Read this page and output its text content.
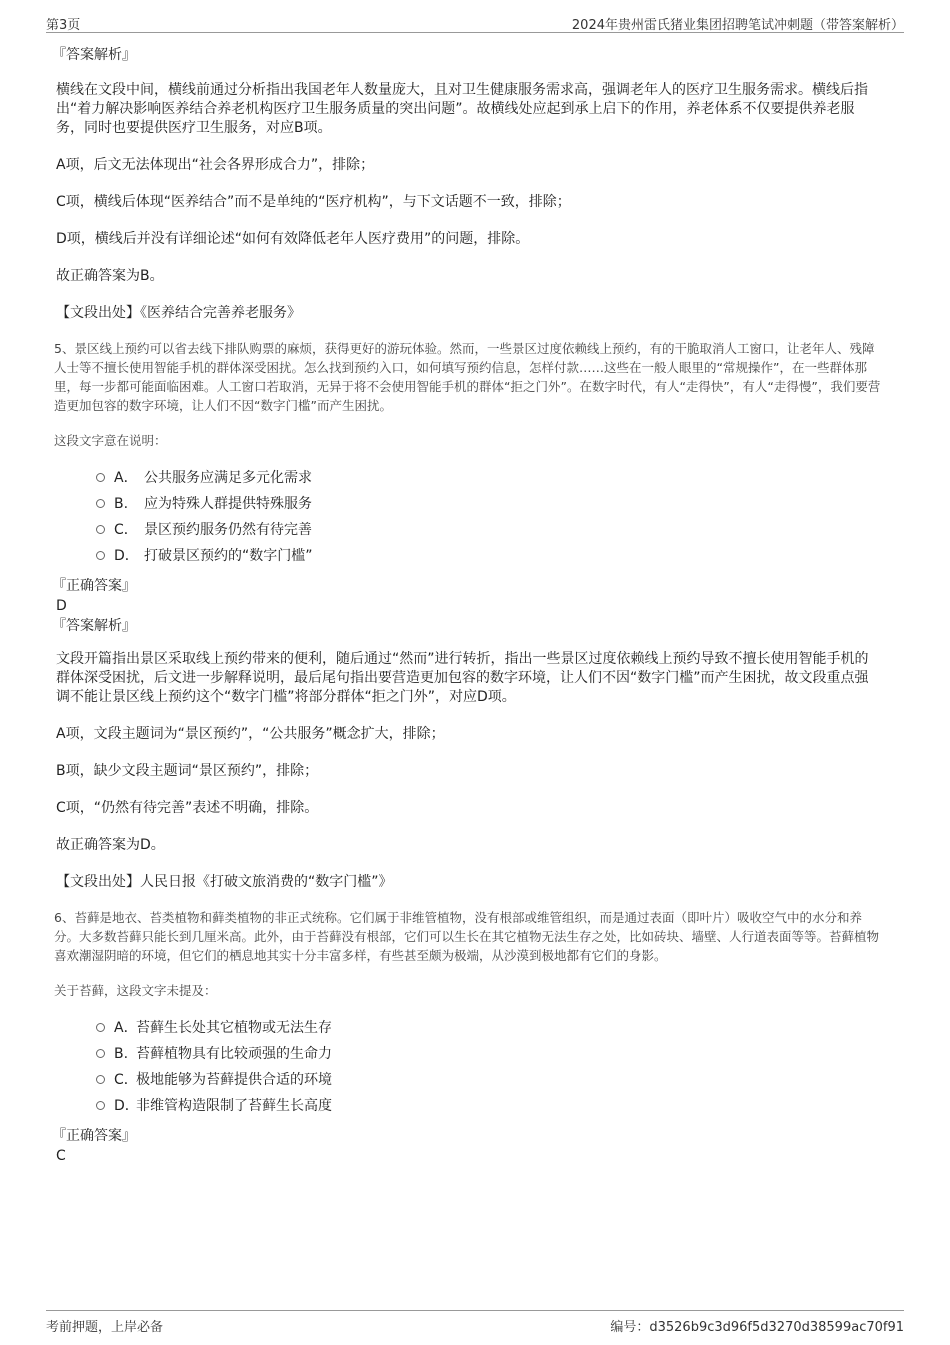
第3页	2024年贵州雷氏猪业集团招聘笔试冲刺题（带答案解析）

『答案解析』

横线在文段中间，横线前通过分析指出我国老年人数量庞大，且对卫生健康服务需求高，强调老年人的医疗卫生服务需求。横线后指出“着力解决影响医养结合养老机构医疗卫生服务质量的突出问题”。故横线处应起到承上启下的作用，养老体系不仅要提供养老服务，同时也要提供医疗卫生服务，对应B项。

A项，后文无法体现出“社会各界形成合力”，排除；

C项，横线后体现“医养结合”而不是单纯的“医疗机构”，与下文话题不一致，排除；

D项，横线后并没有详细论述“如何有效降低老年人医疗费用”的问题，排除。

故正确答案为B。

【文段出处】《医养结合完善养老服务》

5、景区线上预约可以省去线下排队购票的麻烦，获得更好的游玩体验。然而，一些景区过度依赖线上预约，有的干脆取消人工窗口，让老年人、残障人士等不擅长使用智能手机的群体深受困扰。怎么找到预约入口，如何填写预约信息，怎样付款……这些在一般人眼里的“常规操作”，在一些群体那里，每一步都可能面临困难。人工窗口若取消，无异于将不会使用智能手机的群体“拒之门外”。在数字时代，有人“走得快”，有人“走得慢”，我们要营造更加包容的数字环境，让人们不因“数字门槛”而产生困扰。

这段文字意在说明：

A． 公共服务应满足多元化需求
B. 应为特殊人群提供特殊服务
C． 景区预约服务仍然有待完善
D． 打破景区预约的“数字门槛”

『正确答案』

D

『答案解析』

文段开篇指出景区采取线上预约带来的便利，随后通过“然而”进行转折，指出一些景区过度依赖线上预约导致不擅长使用智能手机的群体深受困扰，后文进一步解释说明，最后尾句指出要营造更加包容的数字环境，让人们不因“数字门槛”而产生困扰，故文段重点强调不能让景区线上预约这个“数字门槛”将部分群体“拒之门外”，对应D项。

A项，文段主题词为“景区预约”，“公共服务”概念扩大，排除；

B项，缺少文段主题词“景区预约”，排除；

C项，“仍然有待完善”表述不明确，排除。

故正确答案为D。

【文段出处】人民日报《打破文旅消费的“数字门槛”》

6、苔藓是地衣、苔类植物和藓类植物的非正式统称。它们属于非维管植物，没有根部或维管组织，而是通过表面（即叶片）吸收空气中的水分和养分。大多数苔藓只能长到几厘米高。此外，由于苔藓没有根部，它们可以生长在其它植物无法生存之处，比如砖块、墙壁、人行道表面等等。苔藓植物喜欢潮湿阴暗的环境，但它们的栖息地其实十分丰富多样，有些甚至颇为极端，从沙漠到极地都有它们的身影。

关于苔藓，这段文字未提及：

A．苔藓生长处其它植物或无法生存
B. 苔藓植物具有比较顽强的生命力
C．极地能够为苔藓提供合适的环境
D．非维管构造限制了苔藓生长高度

『正确答案』

C

考前押题，上岸必备	编号：d3526b9c3d96f5d3270d38599ac70f91
